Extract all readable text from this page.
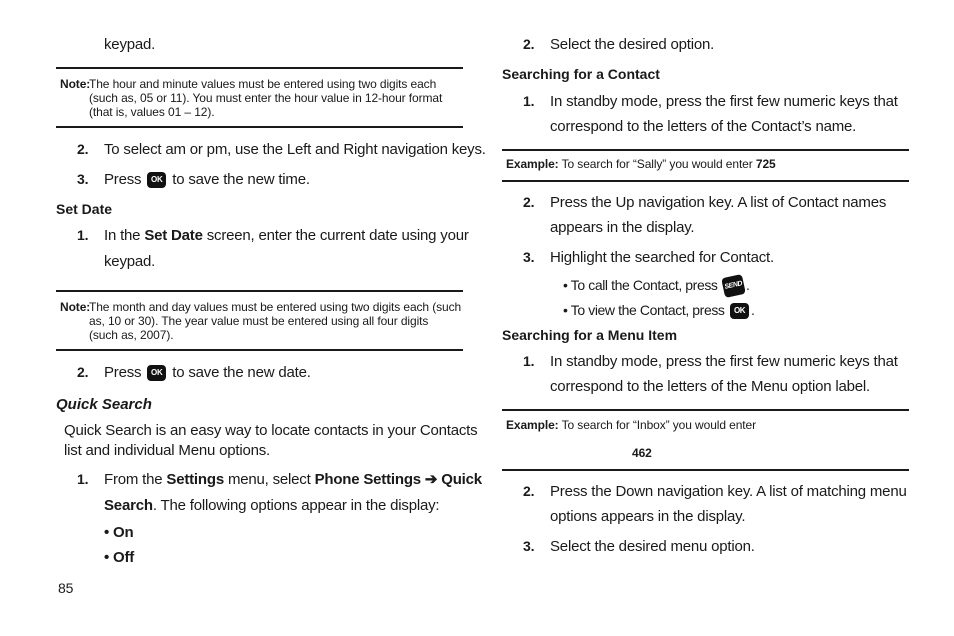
keypad.
Note:
The hour and minute values must be entered using two digits each
(such as, 05 or 11). You must enter the hour value in 12-hour format
(that is, values 01 – 12).
2. To select am or pm, use the Left and Right navigation keys.
3. Press OK to save the new time.
Set Date
1. In the Set Date screen, enter the current date using your
keypad.
Note:
The month and day values must be entered using two digits each (such
as, 10 or 30). The year value must be entered using all four digits
(such as, 2007).
2. Press OK to save the new date.
Quick Search
Quick Search is an easy way to locate contacts in your Contacts
list and individual Menu options.
1. From the Settings menu, select Phone Settings ➔ Quick
Search. The following options appear in the display:
• On
• Off
85
2. Select the desired option.
Searching for a Contact
1. In standby mode, press the first few numeric keys that
correspond to the letters of the Contact’s name.
Example: To search for “Sally” you would enter 725
2. Press the Up navigation key. A list of Contact names
appears in the display.
3. Highlight the searched for Contact.
• To call the Contact, press SEND .
• To view the Contact, press OK .
Searching for a Menu Item
1. In standby mode, press the first few numeric keys that
correspond to the letters of the Menu option label.
Example: To search for “Inbox” you would enter
462
2. Press the Down navigation key. A list of matching menu
options appears in the display.
3. Select the desired menu option.
